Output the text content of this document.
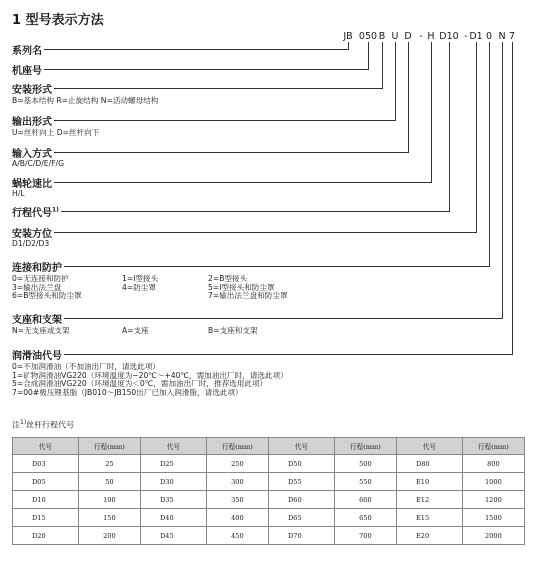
1 型号表示方法
JB 050 B U D - H D10 - D1 0 N 7
系列名
机座号
安装形式
B=基本结构 R=止旋结构 N=活动螺母结构
输出形式
U=丝杆向上 D=丝杆向下
输入方式
A/B/C/D/E/F/G
蜗轮速比
H/L
行程代号$^{1)}$
安装方位
D1/D2/D3
连接和防护
0=无连接和防护	1=I型接头	2=B型接头
3=输出法兰盘	4=防尘罩	5=I型接头和防尘罩
6=B型接头和防尘罩	7=输出法兰盘和防尘罩
支座和支架
N=无支座或支架	A=支座	B=支座和支架
润滑油代号
0=不加润滑油（不加油出厂时，请选此项）
1=矿物润滑油VG220（环境温度为−20℃～+40℃，需加油出厂时，请选此项）
5=合成润滑油VG220（环境温度为＜0℃，需加油出厂时，推荐选用此项）
7=00#极压锂基脂（JB010～JB150出厂已加入润滑脂，请选此项）
注$^{1)}$丝杆行程代号
代号	行程(mm)	代号	行程(mm)	代号	行程(mm)	代号	行程(mm)
D03	25	D25	250	D50	500	D80	800
D05	50	D30	300	D55	550	E10	1000
D10	100	D35	350	D60	600	E12	1200
D15	150	D40	400	D65	650	E15	1500
D20	200	D45	450	D70	700	E20	2000
